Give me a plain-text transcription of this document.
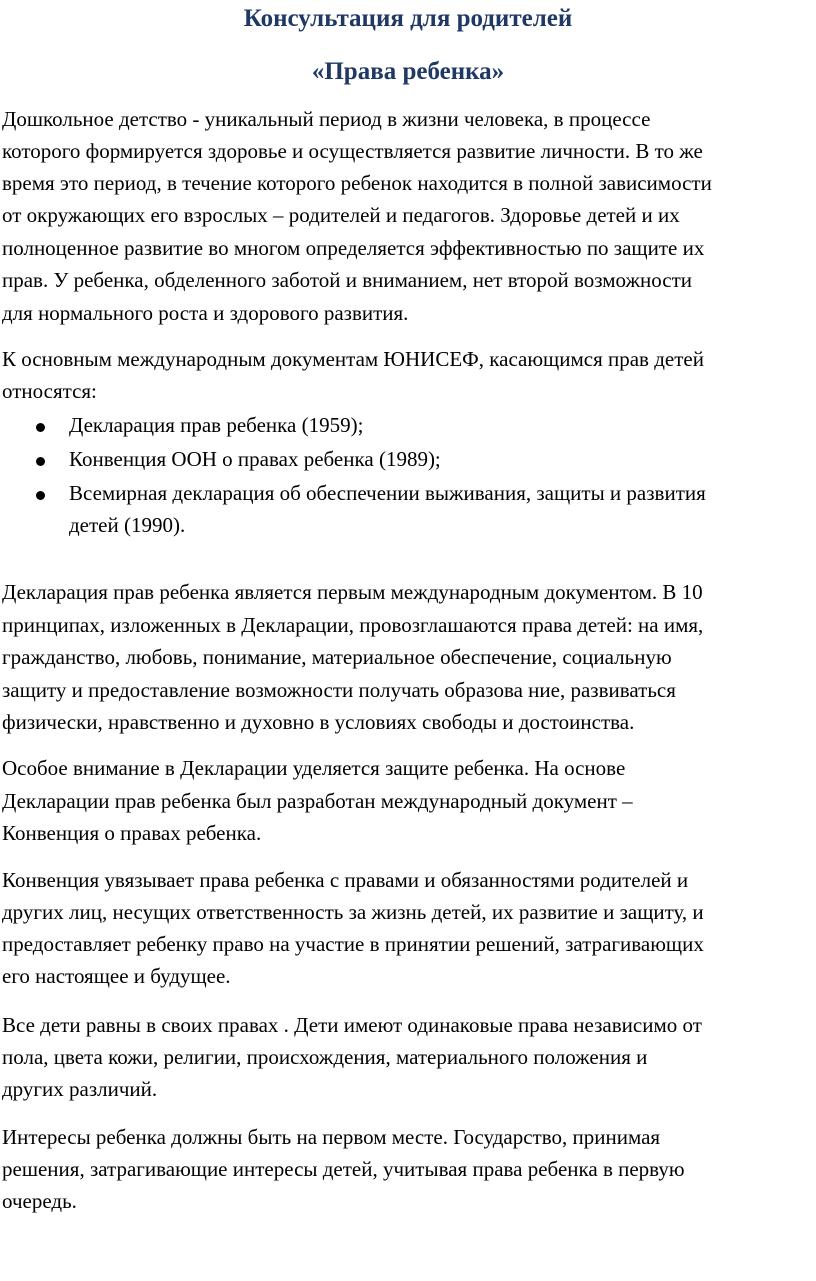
Консультация для родителей
«Права ребенка»
Дошкольное детство - уникальный период в жизни человека, в процессе
которого формируется здоровье и осуществляется развитие личности. В то же
время это период, в течение которого ребенок находится в полной зависимости
от окружающих его взрослых – родителей и педагогов. Здоровье детей и их
полноценное развитие во многом определяется эффективностью по защите их
прав. У ребенка, обделенного заботой и вниманием, нет второй возможности
для нормального роста и здорового развития.
К основным международным документам ЮНИСЕФ, касающимся прав детей
относятся:
Декларация прав ребенка (1959);
Конвенция ООН о правах ребенка (1989);
Всемирная декларация об обеспечении выживания, защиты и развития
детей (1990).
Декларация прав ребенка является первым международным документом. В 10
принципах, изложенных в Декларации, провозглашаются права детей: на имя,
гражданство, любовь, понимание, материальное обеспечение, социальную
защиту и предоставление возможности получать образова ние, развиваться
физически, нравственно и духовно в условиях свободы и достоинства.
Особое внимание в Декларации уделяется защите ребенка. На основе
Декларации прав ребенка был разработан международный документ –
Конвенция о правах ребенка.
Конвенция увязывает права ребенка с правами и обязанностями родителей и
других лиц, несущих ответственность за жизнь детей, их развитие и защиту, и
предоставляет ребенку право на участие в принятии решений, затрагивающих
его настоящее и будущее.
Все дети равны в своих правах . Дети имеют одинаковые права независимо от
пола, цвета кожи, религии, происхождения, материального положения и
других различий.
Интересы ребенка должны быть на первом месте. Государство, принимая
решения, затрагивающие интересы детей, учитывая права ребенка в первую
очередь.
